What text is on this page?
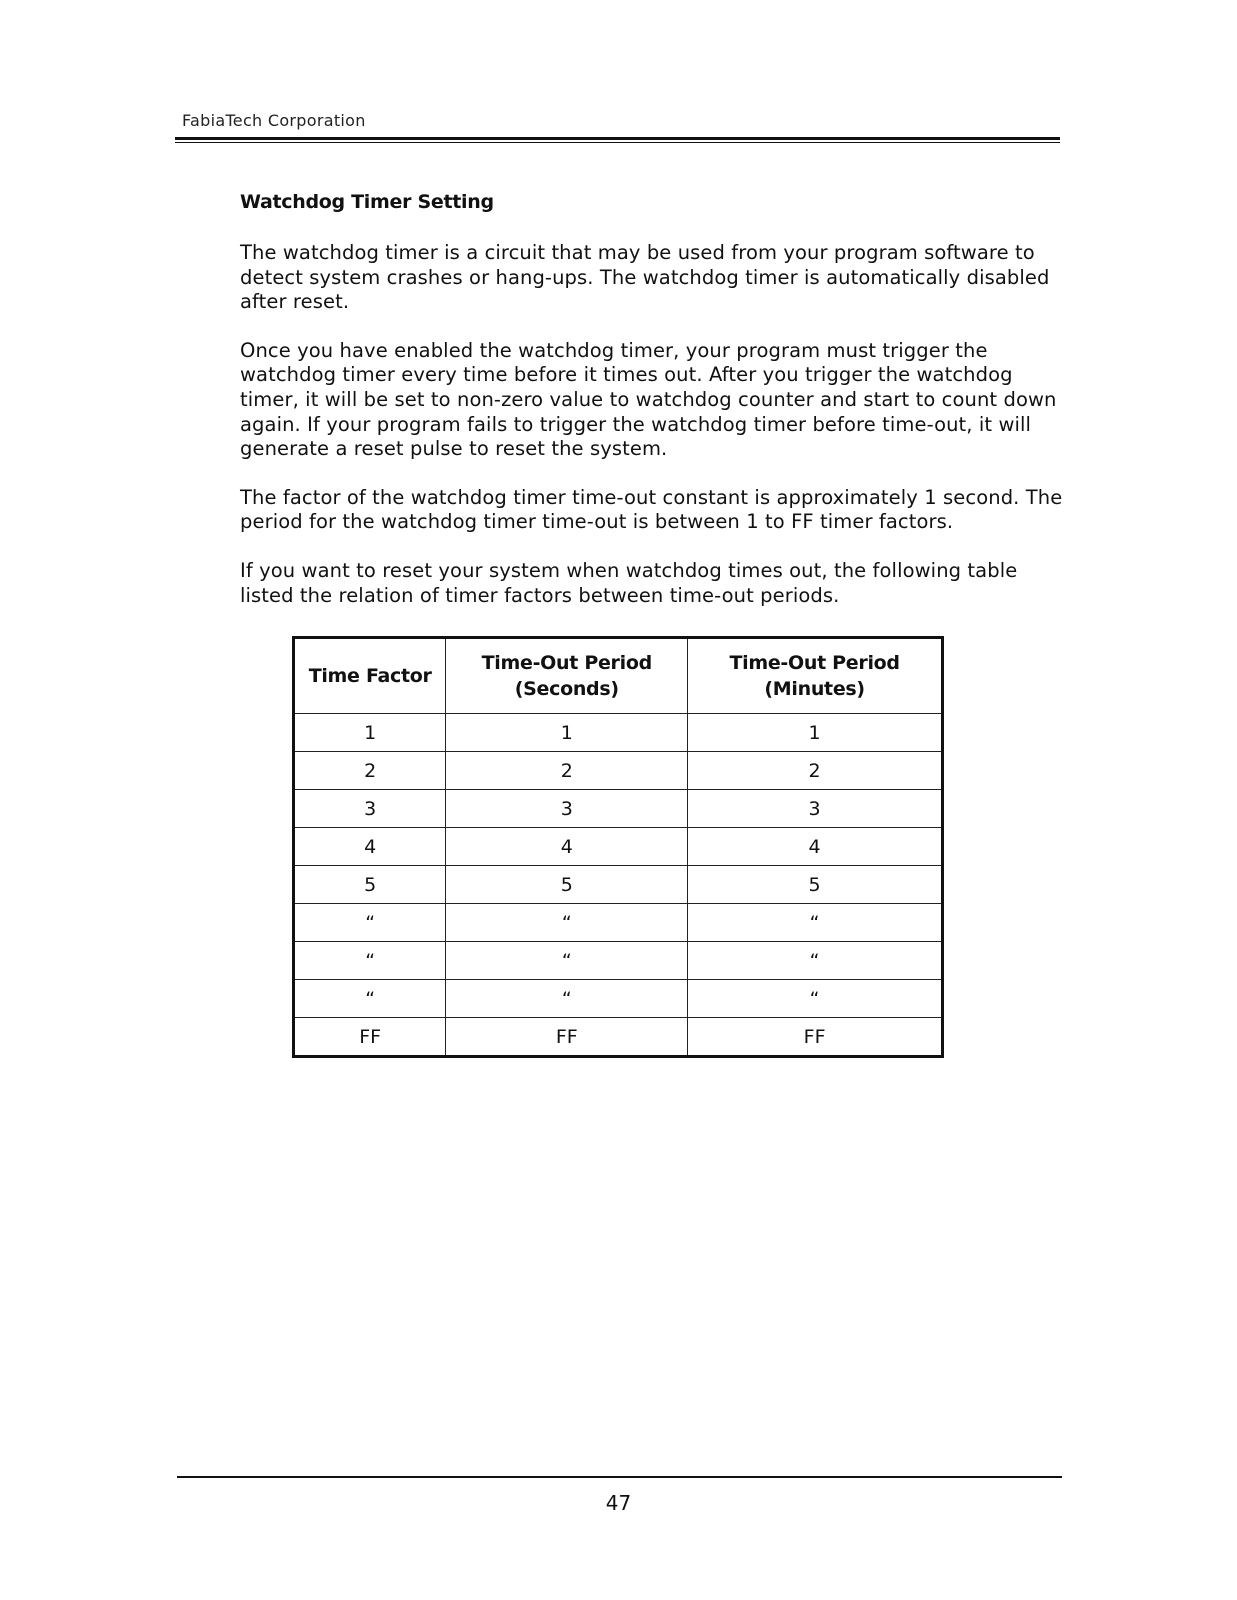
FabiaTech Corporation
Watchdog Timer Setting

The watchdog timer is a circuit that may be used from your program software to detect system crashes or hang-ups. The watchdog timer is automatically disabled after reset.

Once you have enabled the watchdog timer, your program must trigger the watchdog timer every time before it times out. After you trigger the watchdog timer, it will be set to non-zero value to watchdog counter and start to count down again. If your program fails to trigger the watchdog timer before time-out, it will generate a reset pulse to reset the system.

The factor of the watchdog timer time-out constant is approximately 1 second. The period for the watchdog timer time-out is between 1 to FF timer factors.

If you want to reset your system when watchdog times out, the following table listed the relation of timer factors between time-out periods.

Time Factor	Time-Out Period (Seconds)	Time-Out Period (Minutes)
1	1	1
2	2	2
3	3	3
4	4	4
5	5	5
“	“	“
“	“	“
“	“	“
FF	FF	FF
47
